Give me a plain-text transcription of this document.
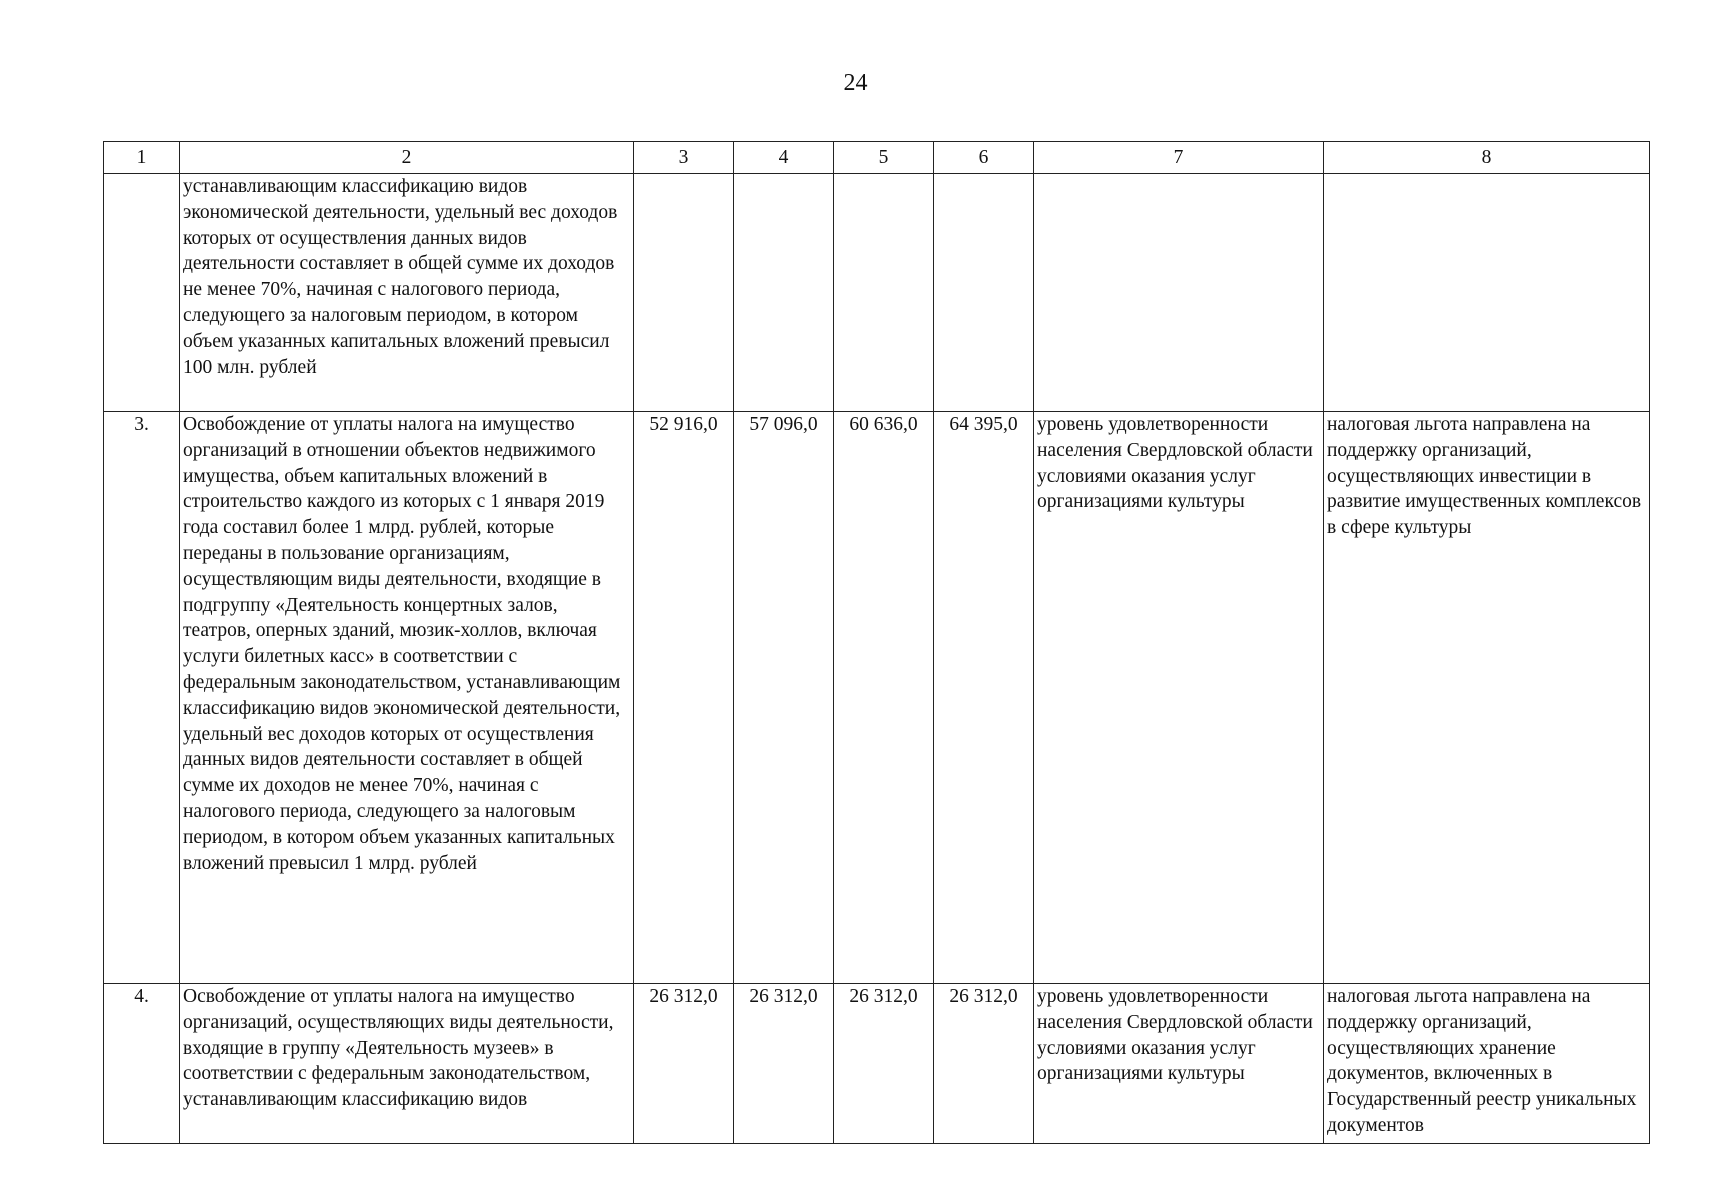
24
1	2	3	4	5	6	7	8
	устанавливающим классификацию видов экономической деятельности, удельный вес доходов которых от осуществления данных видов деятельности составляет в общей сумме их доходов не менее 70%, начиная с налогового периода, следующего за налоговым периодом, в котором объем указанных капитальных вложений превысил 100 млн. рублей						
3.	Освобождение от уплаты налога на имущество организаций в отношении объектов недвижимого имущества, объем капитальных вложений в строительство каждого из которых с 1 января 2019 года составил более 1 млрд. рублей, которые переданы в пользование организациям, осуществляющим виды деятельности, входящие в подгруппу «Деятельность концертных залов, театров, оперных зданий, мюзик-холлов, включая услуги билетных касс» в соответствии с федеральным законодательством, устанавливающим классификацию видов экономической деятельности, удельный вес доходов которых от осуществления данных видов деятельности составляет в общей сумме их доходов не менее 70%, начиная с налогового периода, следующего за налоговым периодом, в котором объем указанных капитальных вложений превысил 1 млрд. рублей	52 916,0	57 096,0	60 636,0	64 395,0	уровень удовлетворенности населения Свердловской области условиями оказания услуг организациями культуры	налоговая льгота направлена на поддержку организаций, осуществляющих инвестиции в развитие имущественных комплексов в сфере культуры
4.	Освобождение от уплаты налога на имущество организаций, осуществляющих виды деятельности, входящие в группу «Деятельность музеев» в соответствии с федеральным законодательством, устанавливающим классификацию видов	26 312,0	26 312,0	26 312,0	26 312,0	уровень удовлетворенности населения Свердловской области условиями оказания услуг организациями культуры	налоговая льгота направлена на поддержку организаций, осуществляющих хранение документов, включенных в Государственный реестр уникальных документов
